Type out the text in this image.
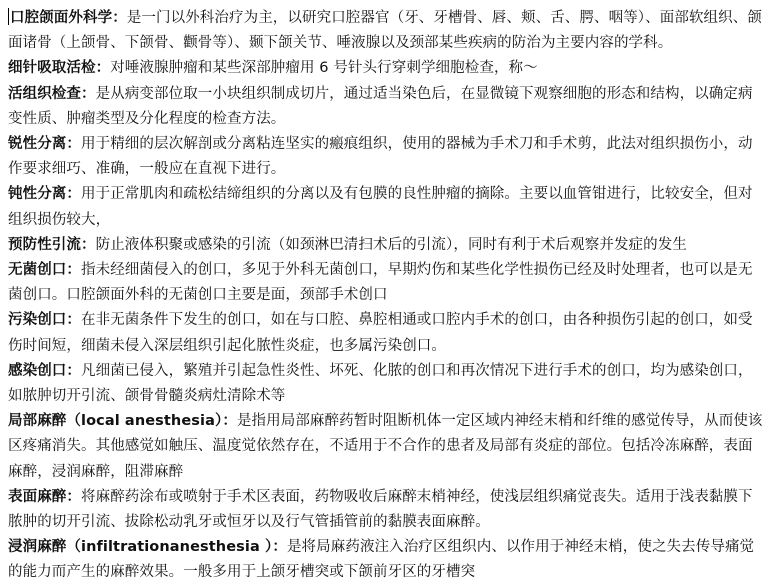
口腔颌面外科学：是一门以外科治疗为主，以研究口腔器官（牙、牙槽骨、唇、颊、舌、腭、咽等）、面部软组织、颌面诸骨（上颌骨、下颌骨、颧骨等）、颞下颌关节、唾液腺以及颈部某些疾病的防治为主要内容的学科。

细针吸取活检：对唾液腺肿瘤和某些深部肿瘤用 6 号针头行穿刺学细胞检查，称～

活组织检查：是从病变部位取一小块组织制成切片，通过适当染色后，在显微镜下观察细胞的形态和结构，以确定病变性质、肿瘤类型及分化程度的检查方法。

锐性分离：用于精细的层次解剖或分离粘连坚实的瘢痕组织，使用的器械为手术刀和手术剪，此法对组织损伤小，动作要求细巧、准确，一般应在直视下进行。

钝性分离：用于正常肌肉和疏松结缔组织的分离以及有包膜的良性肿瘤的摘除。主要以血管钳进行，比较安全，但对组织损伤较大，

预防性引流：防止液体积聚或感染的引流（如颈淋巴清扫术后的引流），同时有利于术后观察并发症的发生

无菌创口：指未经细菌侵入的创口，多见于外科无菌创口，早期灼伤和某些化学性损伤已经及时处理者，也可以是无菌创口。口腔颌面外科的无菌创口主要是面，颈部手术创口

污染创口：在非无菌条件下发生的创口，如在与口腔、鼻腔相通或口腔内手术的创口，由各种损伤引起的创口，如受伤时间短，细菌未侵入深层组织引起化脓性炎症，也多属污染创口。

感染创口：凡细菌已侵入，繁殖并引起急性炎性、坏死、化脓的创口和再次情况下进行手术的创口，均为感染创口，如脓肿切开引流、颌骨骨髓炎病灶清除术等

局部麻醉（local anesthesia）：是指用局部麻醉药暂时阻断机体一定区域内神经末梢和纤维的感觉传导，从而使该区疼痛消失。其他感觉如触压、温度觉依然存在，不适用于不合作的患者及局部有炎症的部位。包括冷冻麻醉，表面麻醉，浸润麻醉，阻滞麻醉

表面麻醉：将麻醉药涂布或喷射于手术区表面，药物吸收后麻醉末梢神经，使浅层组织痛觉丧失。适用于浅表黏膜下脓肿的切开引流、拔除松动乳牙或恒牙以及行气管插管前的黏膜表面麻醉。

浸润麻醉（infiltrationanesthesia ）：是将局麻药液注入治疗区组织内、以作用于神经末梢，使之失去传导痛觉的能力而产生的麻醉效果。一般多用于上颌牙槽突或下颌前牙区的牙槽突
